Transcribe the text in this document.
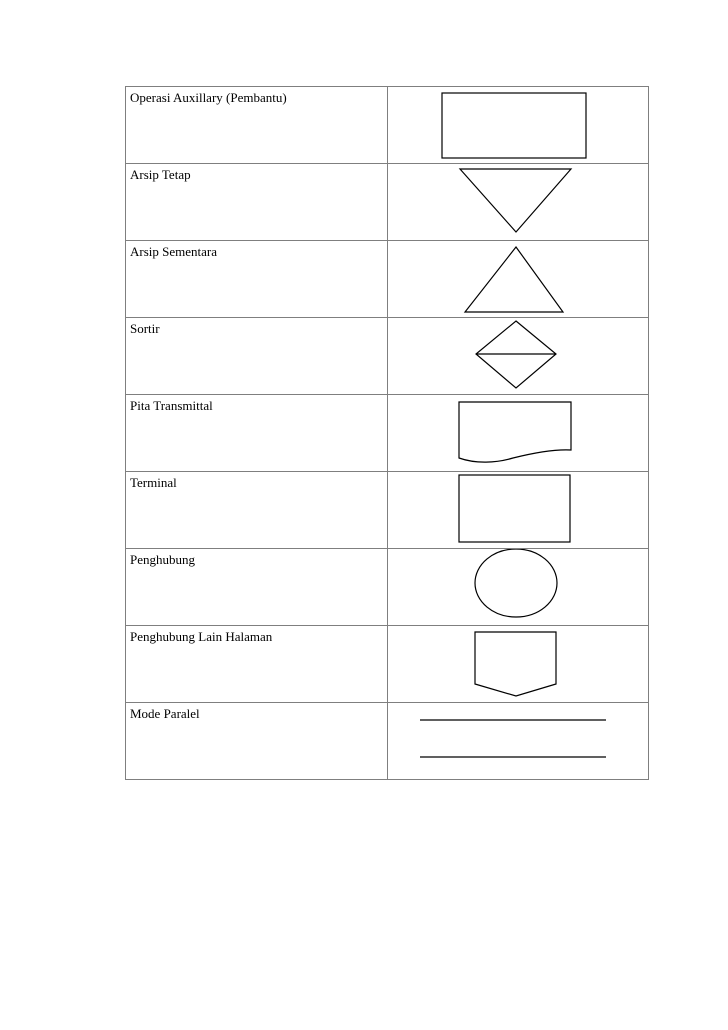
Operasi Auxillary (Pembantu)	

Arsip Tetap	

Arsip Sementara	

Sortir	

Pita Transmittal	

Terminal	

Penghubung	

Penghubung Lain Halaman	

Mode Paralel	
